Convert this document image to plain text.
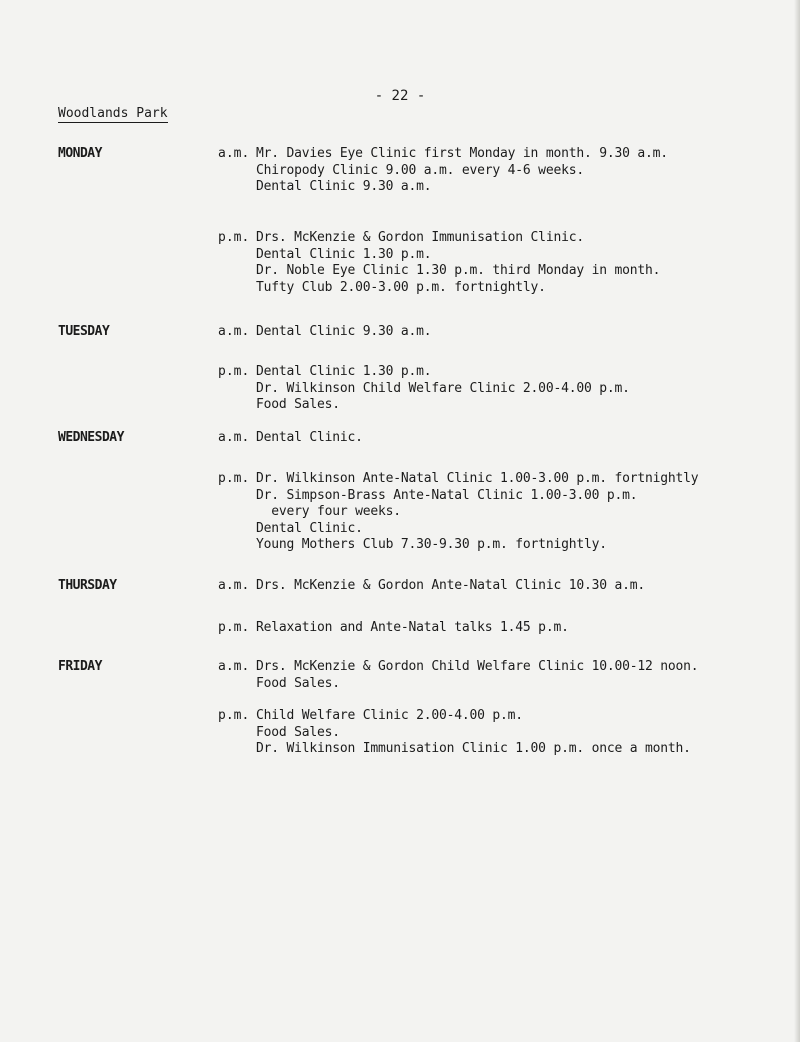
- 22 -
Woodlands Park
MONDAY	a.m. Mr. Davies Eye Clinic first Monday in month. 9.30 a.m.
Chiropody Clinic 9.00 a.m. every 4-6 weeks.
Dental Clinic 9.30 a.m.
p.m. Drs. McKenzie & Gordon Immunisation Clinic.
Dental Clinic 1.30 p.m.
Dr. Noble Eye Clinic 1.30 p.m. third Monday in month.
Tufty Club 2.00-3.00 p.m. fortnightly.
TUESDAY	a.m. Dental Clinic 9.30 a.m.
p.m. Dental Clinic 1.30 p.m.
Dr. Wilkinson Child Welfare Clinic 2.00-4.00 p.m.
Food Sales.
WEDNESDAY	a.m. Dental Clinic.
p.m. Dr. Wilkinson Ante-Natal Clinic 1.00-3.00 p.m. fortnightly
Dr. Simpson-Brass Ante-Natal Clinic 1.00-3.00 p.m.
every four weeks.
Dental Clinic.
Young Mothers Club 7.30-9.30 p.m. fortnightly.
THURSDAY	a.m. Drs. McKenzie & Gordon Ante-Natal Clinic 10.30 a.m.
p.m. Relaxation and Ante-Natal talks 1.45 p.m.
FRIDAY	a.m. Drs. McKenzie & Gordon Child Welfare Clinic 10.00-12 noon.
Food Sales.
p.m. Child Welfare Clinic 2.00-4.00 p.m.
Food Sales.
Dr. Wilkinson Immunisation Clinic 1.00 p.m. once a month.
